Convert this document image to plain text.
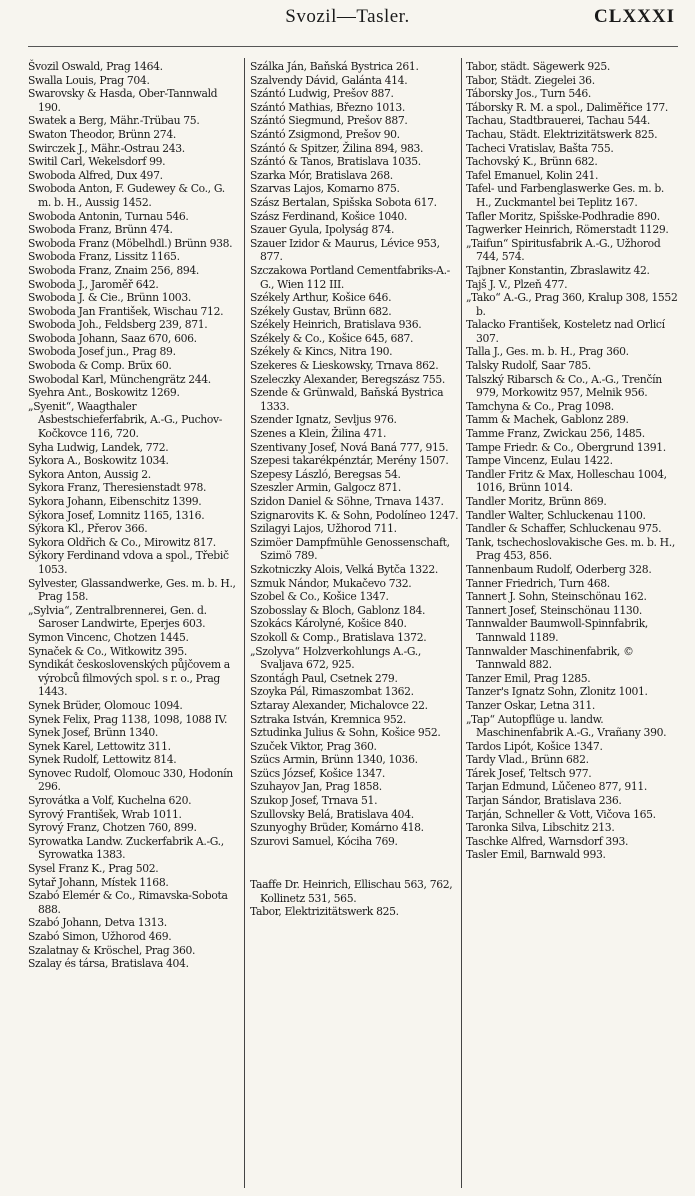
Svozil—Tasler.	CLXXXI

Švozil Oswald, Prag 1464.

Swalla Louis, Prag 704.

Swarovsky & Hasda, Ober-Tannwald 190.

Swatek a Berg, Mähr.-Trübau 75.

Swaton Theodor, Brünn 274.

Swirczek J., Mähr.-Ostrau 243.

Switil Carl, Wekelsdorf 99.

Swoboda Alfred, Dux 497.

Swoboda Anton, F. Gudewey & Co., G. m. b. H., Aussig 1452.

Swoboda Antonin, Turnau 546.

Swoboda Franz, Brünn 474.

Swoboda Franz (Möbelhdl.) Brünn 938.

Swoboda Franz, Lissitz 1165.

Swoboda Franz, Znaim 256, 894.

Swoboda J., Jaroměř 642.

Swoboda J. & Cie., Brünn 1003.

Swoboda Jan František, Wischau 712.

Swoboda Joh., Feldsberg 239, 871.

Swoboda Johann, Saaz 670, 606.

Swoboda Josef jun., Prag 89.

Swoboda & Comp. Brüx 60.

Swobodal Karl, Münchengrätz 244.

Syehra Ant., Boskowitz 1269.

„Syenit“, Waagthaler Asbestschieferfabrik, A.-G., Puchov-Kočkovce 116, 720.

Syha Ludwig, Landek, 772.

Sykora A., Boskowitz 1034.

Sykora Anton, Aussig 2.

Sykora Franz, Theresienstadt 978.

Sykora Johann, Eibenschitz 1399.

Sýkora Josef, Lomnitz 1165, 1316.

Sýkora Kl., Přerov 366.

Sykora Oldřich & Co., Mirowitz 817.

Sýkory Ferdinand vdova a spol., Třebič 1053.

Sylvester, Glassandwerke, Ges. m. b. H., Prag 158.

„Sylvia“, Zentralbrennerei, Gen. d. Saroser Landwirte, Eperjes 603.

Symon Vincenc, Chotzen 1445.

Synaček & Co., Witkowitz 395.

Syndikát československých půjčovem a výrobců filmových spol. s r. o., Prag 1443.

Synek Brüder, Olomouc 1094.

Synek Felix, Prag 1138, 1098, 1088 IV.

Synek Josef, Brünn 1340.

Synek Karel, Lettowitz 311.

Synek Rudolf, Lettowitz 814.

Synovec Rudolf, Olomouc 330, Hodonín 296.

Syrovátka a Volf, Kuchelna 620.

Syrový František, Wrab 1011.

Syrový Franz, Chotzen 760, 899.

Syrowatka Landw. Zuckerfabrik A.-G., Syrowatka 1383.

Sysel Franz K., Prag 502.

Sytař Johann, Místek 1168.

Szabó Elemér & Co., Rimavska-Sobota 888.

Szabó Johann, Detva 1313.

Szabó Simon, Užhorod 469.

Szalatnay & Kröschel, Prag 360.

Szalay és társa, Bratislava 404.

Szálka Ján, Baňská Bystrica 261.

Szalvendy Dávid, Galánta 414.

Szántó Ludwig, Prešov 887.

Szántó Mathias, Březno 1013.

Szántó Siegmund, Prešov 887.

Szántó Zsigmond, Prešov 90.

Szántó & Spitzer, Žilina 894, 983.

Szántó & Tanos, Bratislava 1035.

Szarka Mór, Bratislava 268.

Szarvas Lajos, Komarno 875.

Szász Bertalan, Spišska Sobota 617.

Szász Ferdinand, Košice 1040.

Szauer Gyula, Ipolyság 874.

Szauer Izidor & Maurus, Lévice 953, 877.

Szczakowa Portland Cementfabriks-A.-G., Wien 112 III.

Székely Arthur, Košice 646.

Székely Gustav, Brünn 682.

Székely Heinrich, Bratislava 936.

Székely & Co., Košice 645, 687.

Székely & Kincs, Nitra 190.

Szekeres & Lieskowsky, Trnava 862.

Szeleczky Alexander, Beregszász 755.

Szende & Grünwald, Baňská Bystrica 1333.

Szender Ignatz, Sevljus 976.

Szenes a Klein, Žilina 471.

Szentivany Josef, Nová Baná 777, 915.

Szepesi takarékpénztár, Merény 1507.

Szepesy László, Beregsas 54.

Szeszler Armin, Galgocz 871.

Szidon Daniel & Söhne, Trnava 1437.

Szignarovits K. & Sohn, Podolíneo 1247.

Szilagyi Lajos, Užhorod 711.

Szimöer Dampfmühle Genossenschaft, Szimö 789.

Szkotniczky Alois, Velká Bytča 1322.

Szmuk Nándor, Mukačevo 732.

Szobel & Co., Košice 1347.

Szobosslay & Bloch, Gablonz 184.

Szokács Károlyné, Košice 840.

Szokoll & Comp., Bratislava 1372.

„Szolyva“ Holzverkohlungs A.-G., Svaljava 672, 925.

Szontágh Paul, Csetnek 279.

Szoyka Pál, Rimaszombat 1362.

Sztaray Alexander, Michalovce 22.

Sztraka István, Kremnica 952.

Sztudinka Julius & Sohn, Košice 952.

Szuček Viktor, Prag 360.

Szücs Armin, Brünn 1340, 1036.

Szücs József, Košice 1347.

Szuhayov Jan, Prag 1858.

Szukop Josef, Trnava 51.

Szullovsky Belá, Bratislava 404.

Szunyoghy Brüder, Komárno 418.

Szurovi Samuel, Kóciha 769.

Taaffe Dr. Heinrich, Ellischau 563, 762, Kollinetz 531, 565.

Tabor, Elektrizitätswerk 825.

Tabor, städt. Sägewerk 925.

Tabor, Städt. Ziegelei 36.

Táborsky Jos., Turn 546.

Táborsky R. M. a spol., Dalimĕřice 177.

Tachau, Stadtbrauerei, Tachau 544.

Tachau, Städt. Elektrizitätswerk 825.

Tacheci Vratislav, Bašta 755.

Tachovský K., Brünn 682.

Tafel Emanuel, Kolin 241.

Tafel- und Farbenglaswerke Ges. m. b. H., Zuckmantel bei Teplitz 167.

Tafler Moritz, Spišske-Podhradie 890.

Tagwerker Heinrich, Römerstadt 1129.

„Taifun“ Spiritusfabrik A.-G., Užhorod 744, 574.

Tajbner Konstantin, Zbraslawitz 42.

Tajš J. V., Plzeň 477.

„Tako“ A.-G., Prag 360, Kralup 308, 1552 b.

Talacko František, Kosteletz nad Orlicí 307.

Talla J., Ges. m. b. H., Prag 360.

Talsky Rudolf, Saar 785.

Talszký Ribarsch & Co., A.-G., Trenčín 979, Morkowitz 957, Melnik 956.

Tamchyna & Co., Prag 1098.

Tamm & Machek, Gablonz 289.

Tamme Franz, Zwickau 256, 1485.

Tampe Friedr. & Co., Obergrund 1391.

Tampe Vincenz, Eulau 1422.

Tandler Fritz & Max, Holleschau 1004, 1016, Brünn 1014.

Tandler Moritz, Brünn 869.

Tandler Walter, Schluckenau 1100.

Tandler & Schaffer, Schluckenau 975.

Tank, tschechoslovakische Ges. m. b. H., Prag 453, 856.

Tannenbaum Rudolf, Oderberg 328.

Tanner Friedrich, Turn 468.

Tannert J. Sohn, Steinschönau 162.

Tannert Josef, Steinschönau 1130.

Tannwalder Baumwoll-Spinnfabrik, Tannwald 1189.

Tannwalder Maschinenfabrik, © Tannwald 882.

Tanzer Emil, Prag 1285.

Tanzer's Ignatz Sohn, Zlonitz 1001.

Tanzer Oskar, Letna 311.

„Tap“ Autopflüge u. landw. Maschinenfabrik A.-G., Vrañany 390.

Tardos Lipót, Košice 1347.

Tardy Vlad., Brünn 682.

Tárek Josef, Teltsch 977.

Tarjan Edmund, Lǔčeneo 877, 911.

Tarjan Sándor, Bratislava 236.

Tarján, Schneller & Vott, Vičova 165.

Taronka Silva, Libschitz 213.

Taschke Alfred, Warnsdorf 393.

Tasler Emil, Barnwald 993.
